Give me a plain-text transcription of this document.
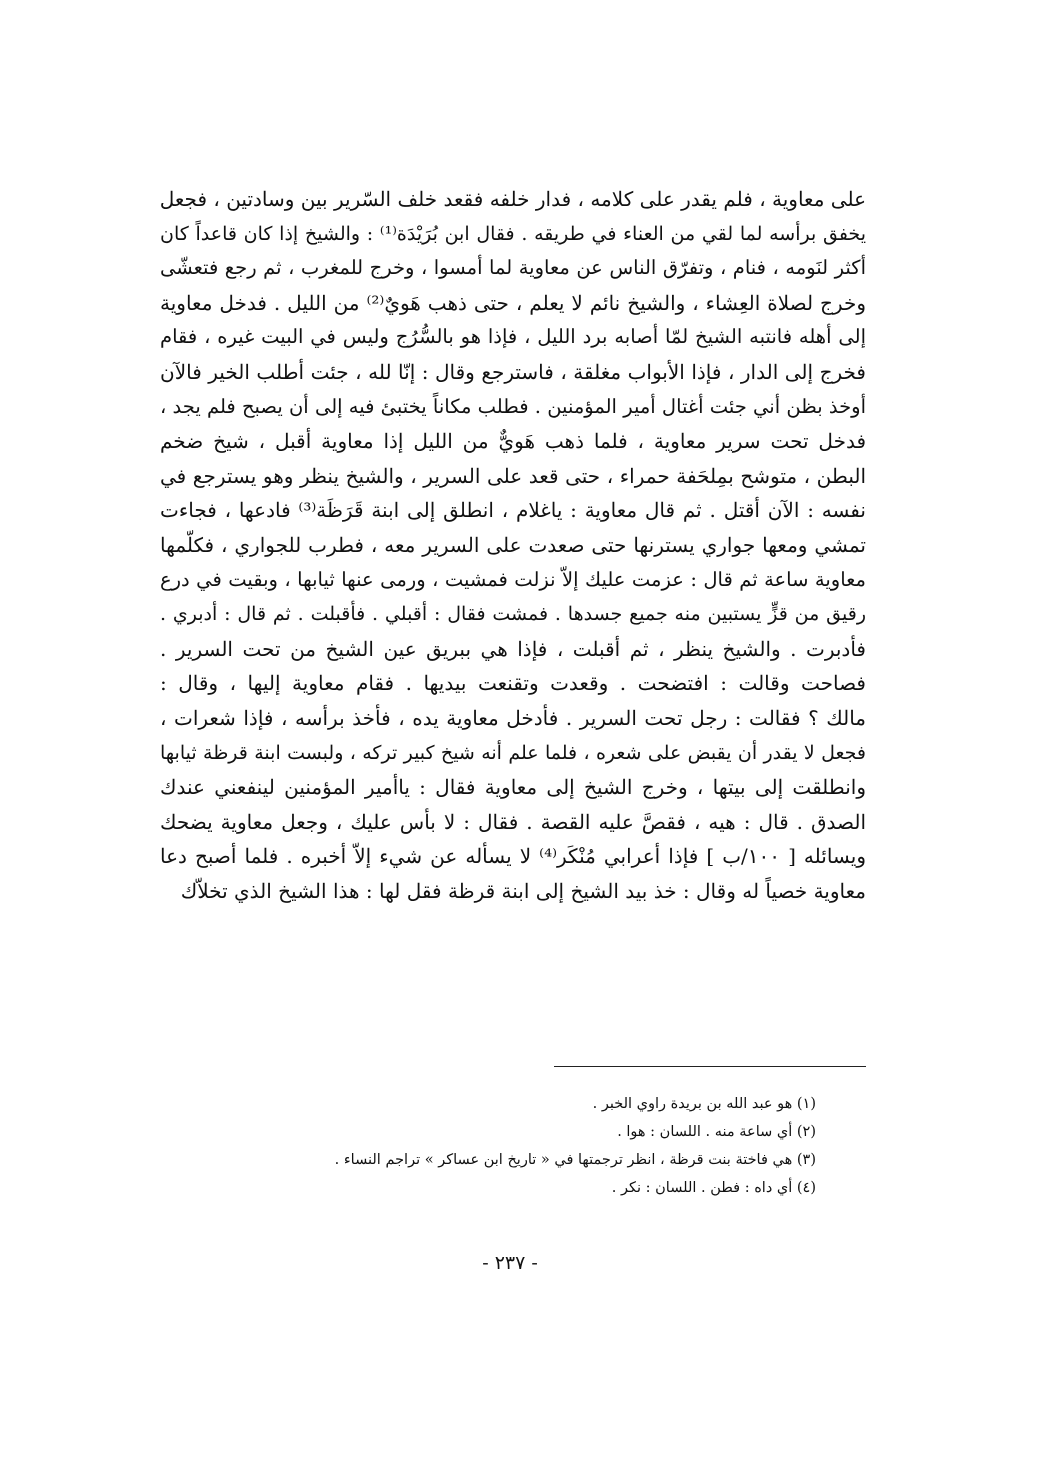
على معاوية ، فلم يقدر على كلامه ، فدار خلفه فقعد خلف السّرير بين وسادتين ، فجعل
يخفق برأسه لما لقي من العناء في طريقه . فقال ابن بُرَيْدَة⁽¹⁾ : والشيخ إذا كان قاعداً كان
أكثر لنَومه ، فنام ، وتفرّق الناس عن معاوية لما أمسوا ، وخرج للمغرب ، ثم رجع فتعشّى
وخرج لصلاة العِشاء ، والشيخ نائم لا يعلم ، حتى ذهب هَويٌ⁽²⁾ من الليل . فدخل معاوية
إلى أهله فانتبه الشيخ لمّا أصابه برد الليل ، فإذا هو بالسُّرُج وليس في البيت غيره ، فقام
فخرج إلى الدار ، فإذا الأبواب مغلقة ، فاسترجع وقال : إنّا لله ، جئت أطلب الخير فالآن
أوخذ بظن أني جئت أغتال أمير المؤمنين . فطلب مكاناً يختبئ فيه إلى أن يصبح فلم يجد ،
فدخل تحت سرير معاوية ، فلما ذهب هَويٌّ من الليل إذا معاوية أقبل ، شيخ ضخم
البطن ، متوشح بمِلحَفة حمراء ، حتى قعد على السرير ، والشيخ ينظر وهو يسترجع في
نفسه : الآن أقتل . ثم قال معاوية : ياغلام ، انطلق إلى ابنة قَرَظَة⁽³⁾ فادعها ، فجاءت
تمشي ومعها جواري يسترنها حتى صعدت على السرير معه ، فطرب للجواري ، فكلّمها
معاوية ساعة ثم قال : عزمت عليك إلاّ نزلت فمشيت ، ورمى عنها ثيابها ، وبقيت في درع
رقيق من قزٍّ يستبين منه جميع جسدها . فمشت فقال : أقبلي . فأقبلت . ثم قال : أدبري .
فأدبرت . والشيخ ينظر ، ثم أقبلت ، فإذا هي ببريق عين الشيخ من تحت السرير .
فصاحت وقالت : افتضحت . وقعدت وتقنعت بيديها . فقام معاوية إليها ، وقال :
مالك ؟ فقالت : رجل تحت السرير . فأدخل معاوية يده ، فأخذ برأسه ، فإذا شعرات ،
فجعل لا يقدر أن يقبض على شعره ، فلما علم أنه شيخ كبير تركه ، ولبست ابنة قرظة ثيابها
وانطلقت إلى بيتها ، وخرج الشيخ إلى معاوية فقال : ياأمير المؤمنين لينفعني عندك
الصدق . قال : هيه ، فقصَّ عليه القصة . فقال : لا بأس عليك ، وجعل معاوية يضحك
ويسائله [ ١٠٠/ب ] فإذا أعرابي مُنْكَر⁽⁴⁾ لا يسأله عن شيء إلاّ أخبره . فلما أصبح دعا
معاوية خصياً له وقال : خذ بيد الشيخ إلى ابنة قرظة فقل لها : هذا الشيخ الذي تخلاّك
(١) هو عبد الله بن بريدة راوي الخبر .
(٢) أي ساعة منه . اللسان : هوا .
(٣) هي فاختة بنت قرظة ، انظر ترجمتها في « تاريخ ابن عساكر » تراجم النساء .
(٤) أي داه : فطن . اللسان : نكر .
- ٢٣٧ -
